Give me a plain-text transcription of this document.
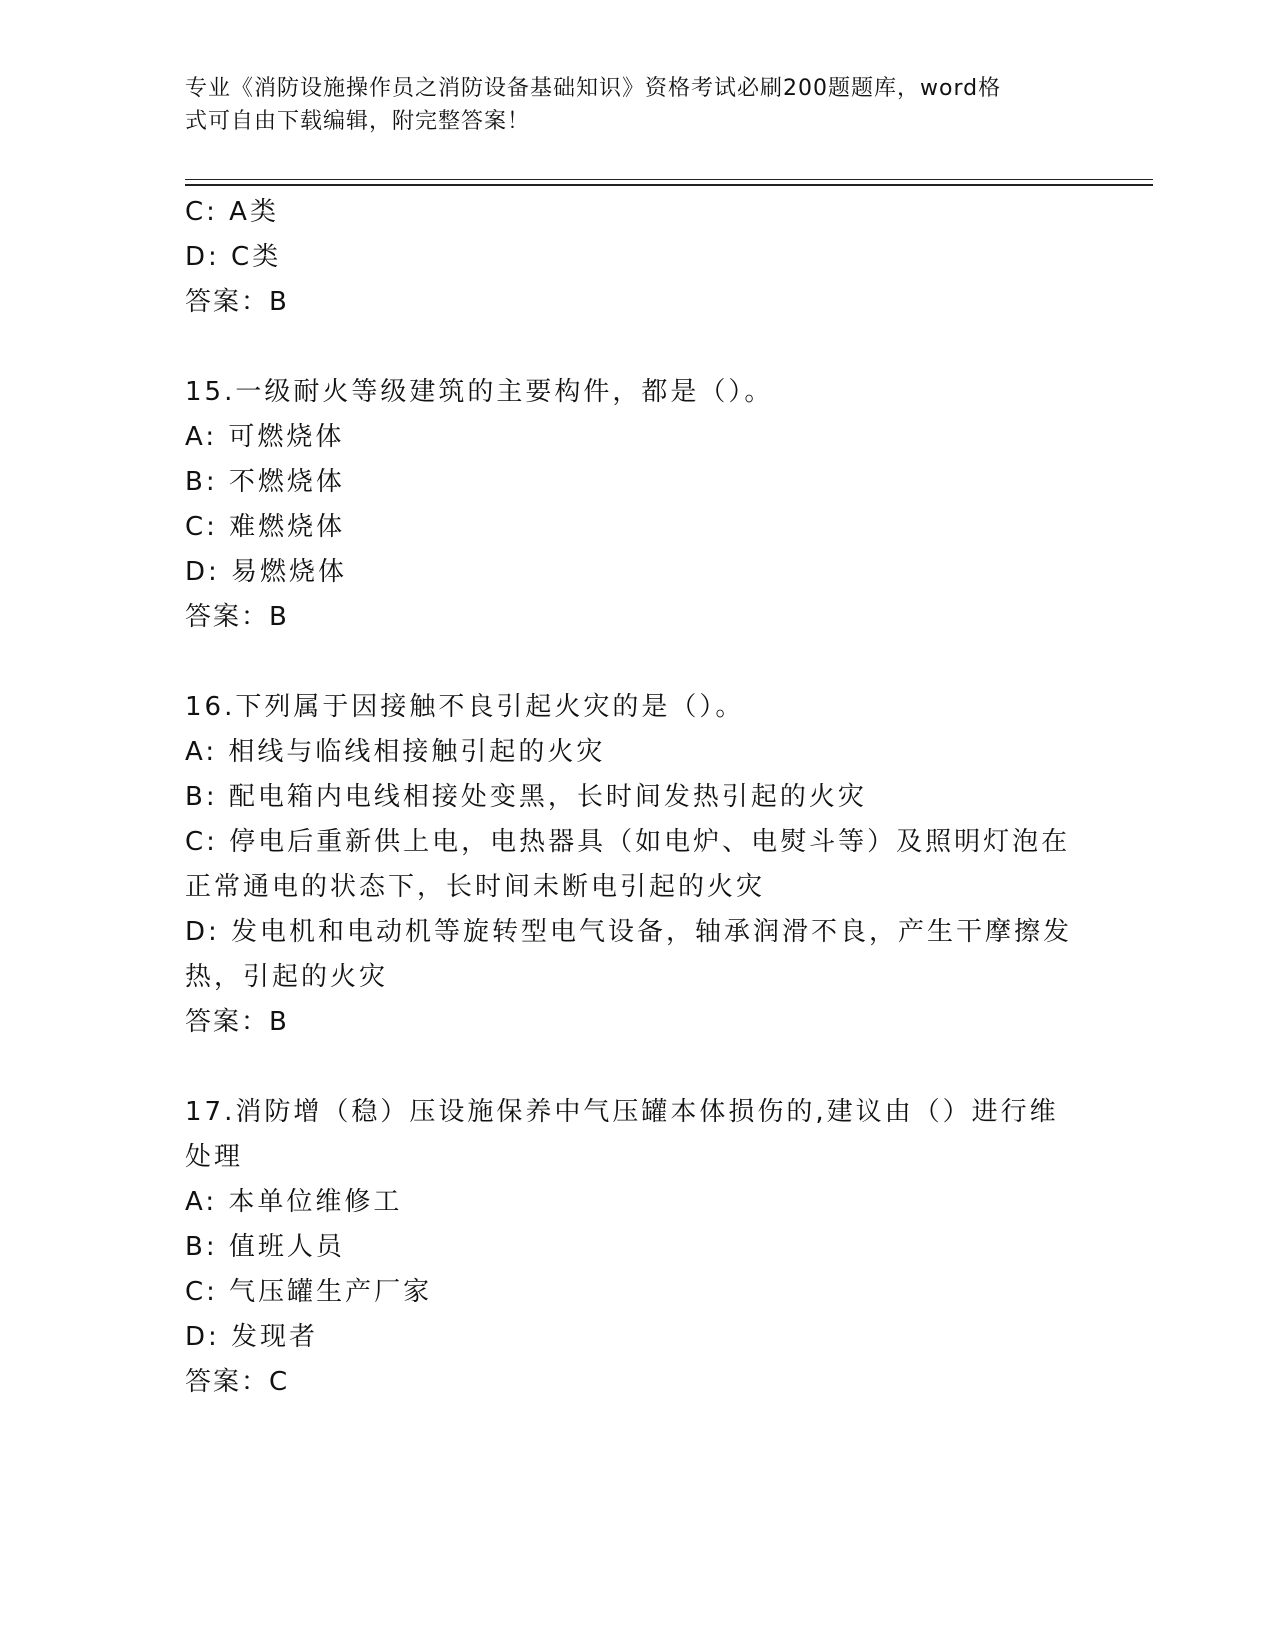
专业《消防设施操作员之消防设备基础知识》资格考试必刷200题题库，word格
式可自由下载编辑，附完整答案！
C: A类
D: C类
答案：B
15.一级耐火等级建筑的主要构件，都是（）。
A: 可燃烧体
B: 不燃烧体
C: 难燃烧体
D: 易燃烧体
答案：B
16.下列属于因接触不良引起火灾的是（）。
A: 相线与临线相接触引起的火灾
B: 配电箱内电线相接处变黑，长时间发热引起的火灾
C: 停电后重新供上电，电热器具（如电炉、电熨斗等）及照明灯泡在正常通电的状态下，长时间未断电引起的火灾
D: 发电机和电动机等旋转型电气设备，轴承润滑不良，产生干摩擦发热，引起的火灾
答案：B
17.消防增（稳）压设施保养中气压罐本体损伤的,建议由（）进行维处理
A: 本单位维修工
B: 值班人员
C: 气压罐生产厂家
D: 发现者
答案：C
